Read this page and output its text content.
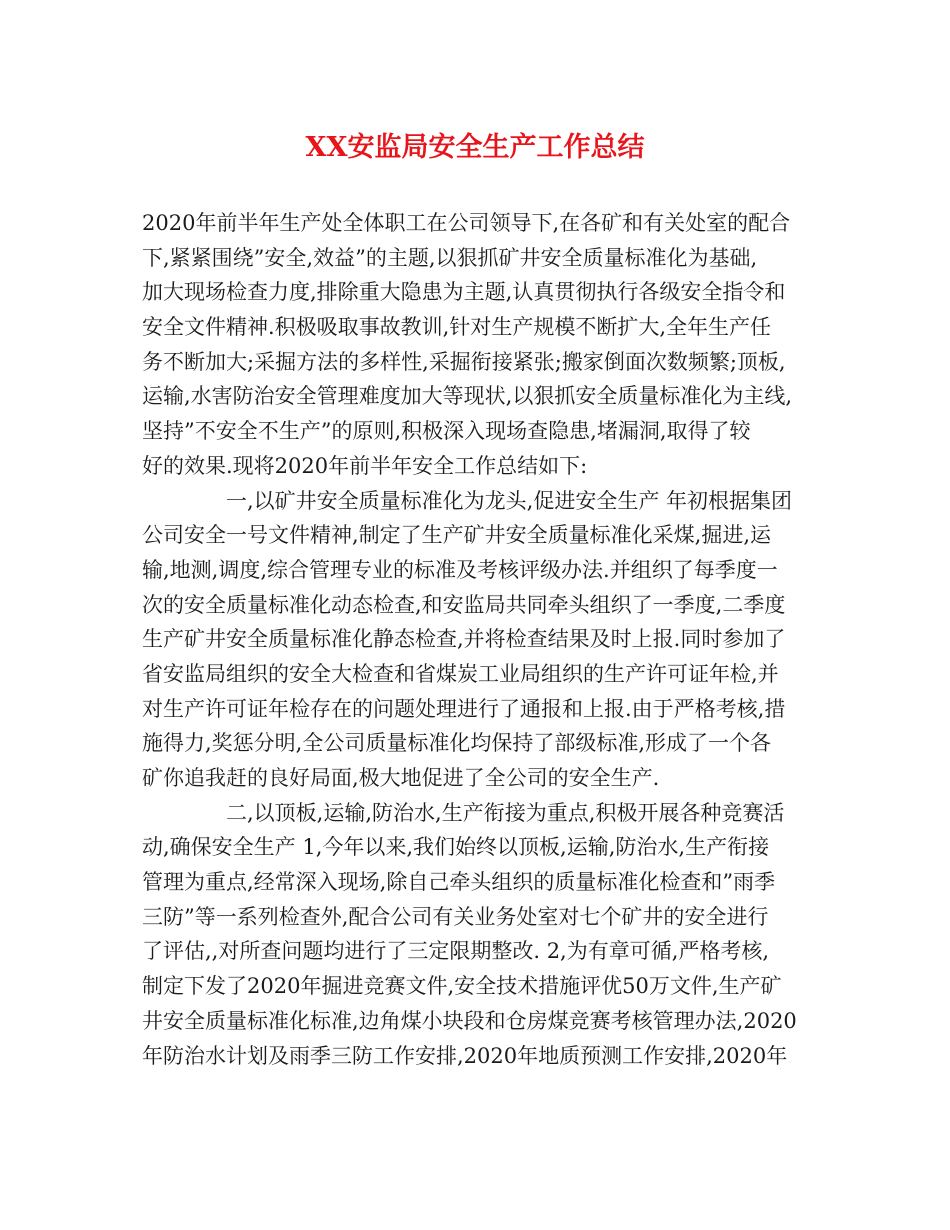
XX安监局安全生产工作总结
2020年前半年生产处全体职工在公司领导下,在各矿和有关处室的配合
下,紧紧围绕”安全,效益”的主题,以狠抓矿井安全质量标准化为基础,
加大现场检查力度,排除重大隐患为主题,认真贯彻执行各级安全指令和
安全文件精神.积极吸取事故教训,针对生产规模不断扩大,全年生产任
务不断加大;采掘方法的多样性,采掘衔接紧张;搬家倒面次数频繁;顶板,
运输,水害防治安全管理难度加大等现状,以狠抓安全质量标准化为主线,
坚持”不安全不生产”的原则,积极深入现场查隐患,堵漏洞,取得了较
好的效果.现将2020年前半年安全工作总结如下:
一,以矿井安全质量标准化为龙头,促进安全生产 年初根据集团
公司安全一号文件精神,制定了生产矿井安全质量标准化采煤,掘进,运
输,地测,调度,综合管理专业的标准及考核评级办法.并组织了每季度一
次的安全质量标准化动态检查,和安监局共同牵头组织了一季度,二季度
生产矿井安全质量标准化静态检查,并将检查结果及时上报.同时参加了
省安监局组织的安全大检查和省煤炭工业局组织的生产许可证年检,并
对生产许可证年检存在的问题处理进行了通报和上报.由于严格考核,措
施得力,奖惩分明,全公司质量标准化均保持了部级标准,形成了一个各
矿你追我赶的良好局面,极大地促进了全公司的安全生产.
二,以顶板,运输,防治水,生产衔接为重点,积极开展各种竞赛活
动,确保安全生产 1,今年以来,我们始终以顶板,运输,防治水,生产衔接
管理为重点,经常深入现场,除自己牵头组织的质量标准化检查和”雨季
三防”等一系列检查外,配合公司有关业务处室对七个矿井的安全进行
了评估,,对所查问题均进行了三定限期整改. 2,为有章可循,严格考核,
制定下发了2020年掘进竞赛文件,安全技术措施评优50万文件,生产矿
井安全质量标准化标准,边角煤小块段和仓房煤竞赛考核管理办法,2020
年防治水计划及雨季三防工作安排,2020年地质预测工作安排,2020年
